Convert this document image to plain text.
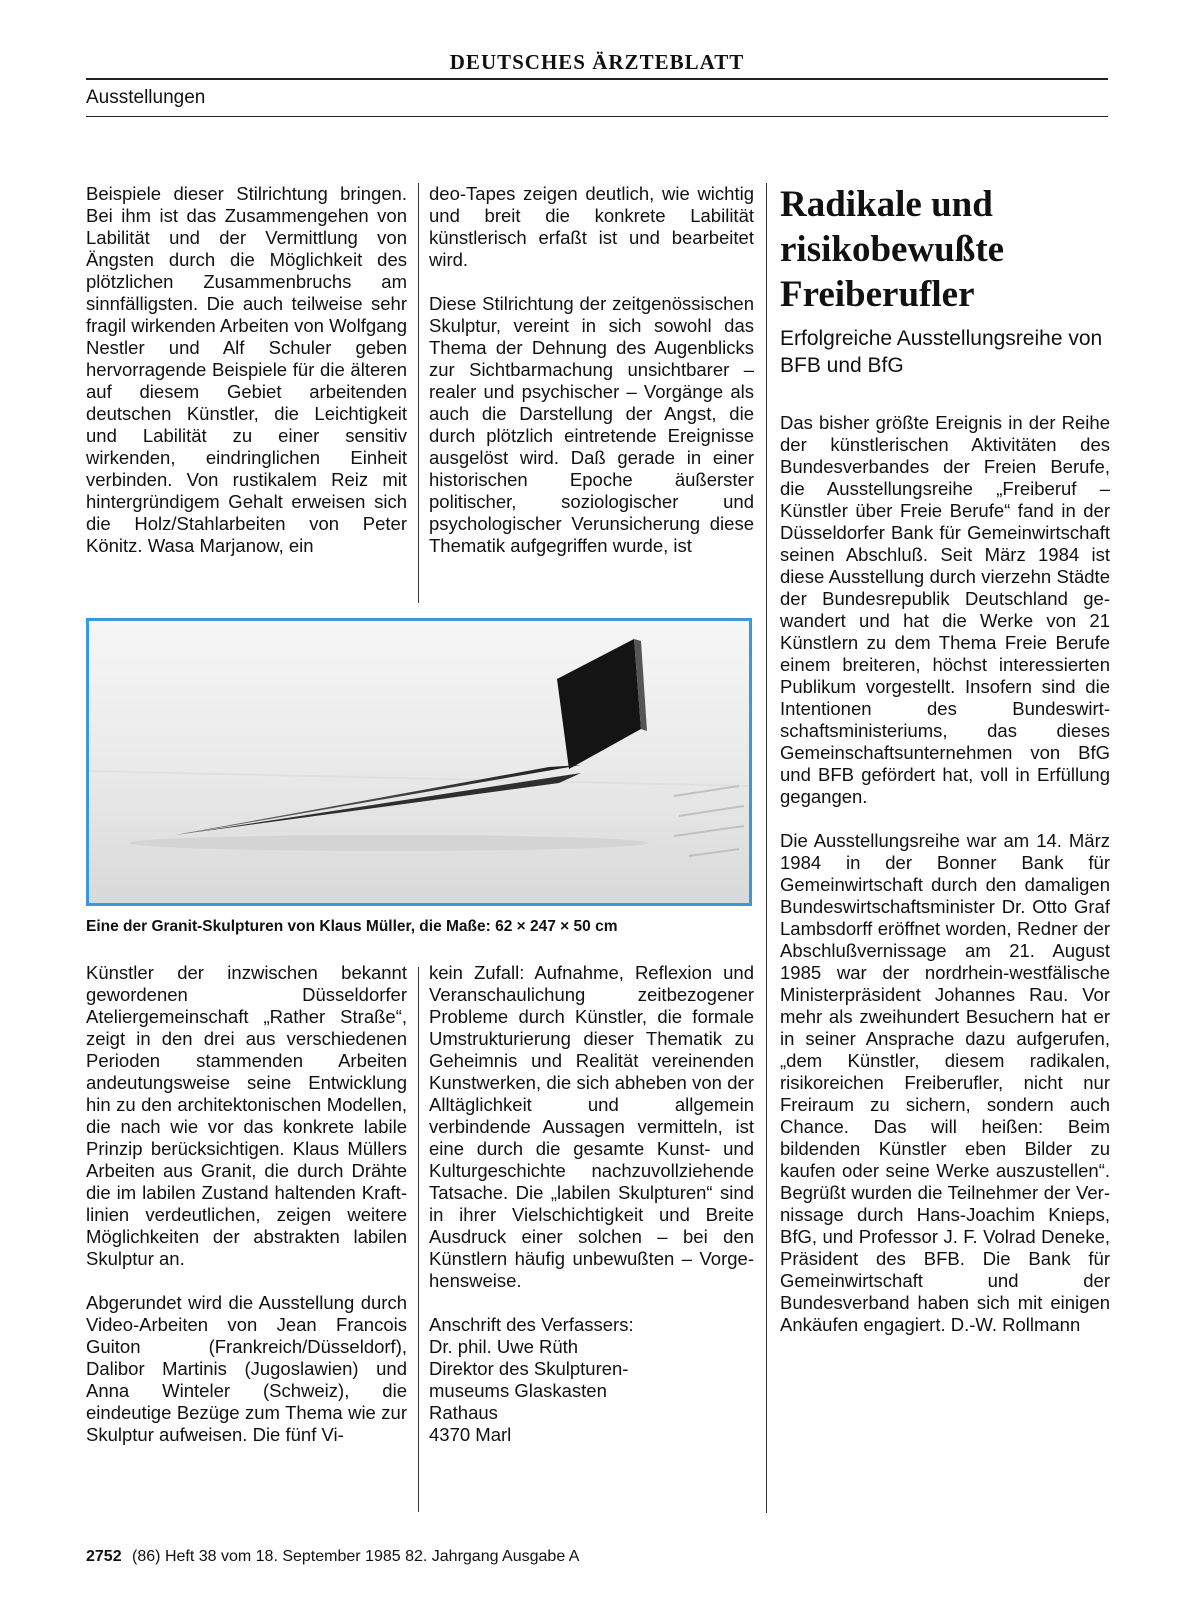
DEUTSCHES ÄRZTEBLATT
Ausstellungen

Beispiele dieser Stilrichtung bringen. Bei ihm ist das Zusammengehen von Labilität und der Vermittlung von Ängsten durch die Möglichkeit des plötzlichen Zusammenbruchs am sinnfälligsten. Die auch teilweise sehr fragil wirkenden Arbeiten von Wolfgang Nestler und Alf Schuler geben hervorragende Beispiele für die älteren auf diesem Gebiet arbeitenden deutschen Künstler, die Leichtigkeit und Labilität zu einer sensitiv wirkenden, eindringlichen Einheit verbinden. Von rustikalem Reiz mit hintergründigem Gehalt erweisen sich die Holz/Stahlarbeiten von Peter Könitz. Wasa Marjanow, ein

deo-Tapes zeigen deutlich, wie wichtig und breit die konkrete Labilität künstlerisch erfaßt ist und bearbeitet wird.

Diese Stilrichtung der zeitgenössischen Skulptur, vereint in sich sowohl das Thema der Dehnung des Augenblicks zur Sichtbarmachung unsichtbarer – realer und psychischer – Vorgänge als auch die Darstellung der Angst, die durch plötzlich eintretende Ereignisse ausgelöst wird. Daß gerade in einer historischen Epoche äußerster politischer, soziologischer und psychologischer Verunsicherung diese Thematik aufgegriffen wurde, ist

Eine der Granit-Skulpturen von Klaus Müller, die Maße: 62 × 247 × 50 cm

Künstler der inzwischen bekannt gewordenen Düsseldorfer Ateliergemeinschaft „Rather Straße“, zeigt in den drei aus verschiedenen Perioden stammenden Arbeiten andeutungsweise seine Entwicklung hin zu den architektonischen Modellen, die nach wie vor das konkrete labile Prinzip berücksichtigen. Klaus Müllers Arbeiten aus Granit, die durch Drähte die im labilen Zustand haltenden Kraftlinien verdeutlichen, zeigen weitere Möglichkeiten der abstrakten labilen Skulptur an.

Abgerundet wird die Ausstellung durch Video-Arbeiten von Jean Francois Guiton (Frankreich/Düsseldorf), Dalibor Martinis (Jugoslawien) und Anna Winteler (Schweiz), die eindeutige Bezüge zum Thema wie zur Skulptur aufweisen. Die fünf Vi-

kein Zufall: Aufnahme, Reflexion und Veranschaulichung zeitbezogener Probleme durch Künstler, die formale Umstrukturierung dieser Thematik zu Geheimnis und Realität vereinenden Kunstwerken, die sich abheben von der Alltäglichkeit und allgemein verbindende Aussagen vermitteln, ist eine durch die gesamte Kunst- und Kulturgeschichte nachzuvollziehende Tatsache. Die „labilen Skulpturen“ sind in ihrer Vielschichtigkeit und Breite Ausdruck einer solchen – bei den Künstlern häufig unbewußten – Vorgehensweise.

Anschrift des Verfassers:
Dr. phil. Uwe Rüth
Direktor des Skulpturen-
museums Glaskasten
Rathaus
4370 Marl
Radikale und risikobewußte Freiberufler
Erfolgreiche Ausstellungsreihe von BFB und BfG

Das bisher größte Ereignis in der Reihe der künstlerischen Aktivitäten des Bundesverbandes der Freien Berufe, die Ausstellungsreihe „Freiberuf – Künstler über Freie Berufe“ fand in der Düsseldorfer Bank für Gemeinwirtschaft seinen Abschluß. Seit März 1984 ist diese Ausstellung durch vierzehn Städte der Bundesrepublik Deutschland gewandert und hat die Werke von 21 Künstlern zu dem Thema Freie Berufe einem breiteren, höchst interessierten Publikum vorgestellt. Insofern sind die Intentionen des Bundeswirtschaftsministeriums, das dieses Gemeinschaftsunternehmen von BfG und BFB gefördert hat, voll in Erfüllung gegangen.

Die Ausstellungsreihe war am 14. März 1984 in der Bonner Bank für Gemeinwirtschaft durch den damaligen Bundeswirtschaftsminister Dr. Otto Graf Lambsdorff eröffnet worden, Redner der Abschlußvernissage am 21. August 1985 war der nordrhein-westfälische Ministerpräsident Johannes Rau. Vor mehr als zweihundert Besuchern hat er in seiner Ansprache dazu aufgerufen, „dem Künstler, diesem radikalen, risikoreichen Freiberufler, nicht nur Freiraum zu sichern, sondern auch Chance. Das will heißen: Beim bildenden Künstler eben Bilder zu kaufen oder seine Werke auszustellen“. Begrüßt wurden die Teilnehmer der Vernissage durch Hans-Joachim Knieps, BfG, und Professor J. F. Volrad Deneke, Präsident des BFB. Die Bank für Gemeinwirtschaft und der Bundesverband haben sich mit einigen Ankäufen engagiert. D.-W. Rollmann

2752 (86) Heft 38 vom 18. September 1985 82. Jahrgang Ausgabe A
